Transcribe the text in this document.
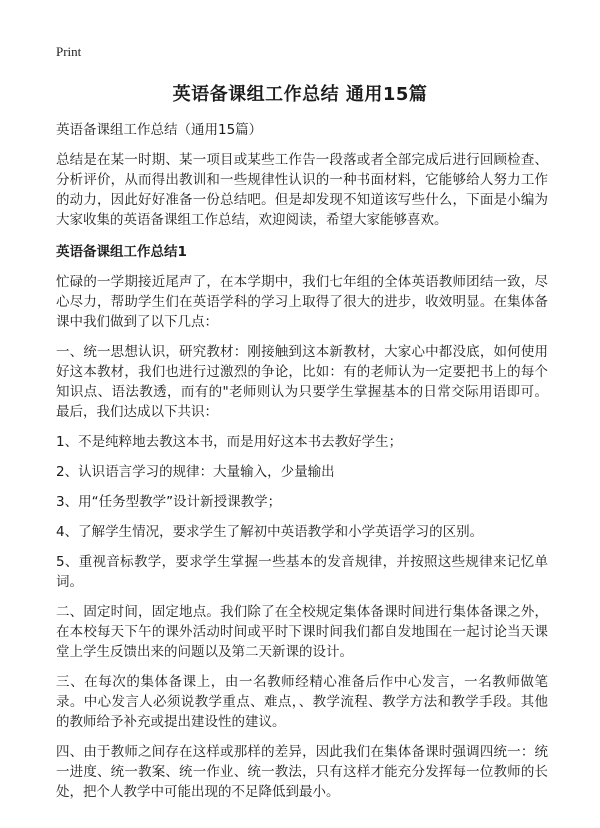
Print
英语备课组工作总结 通用15篇
英语备课组工作总结（通用15篇）

总结是在某一时期、某一项目或某些工作告一段落或者全部完成后进行回顾检查、分析评价，从而得出教训和一些规律性认识的一种书面材料，它能够给人努力工作的动力，因此好好准备一份总结吧。但是却发现不知道该写些什么，下面是小编为大家收集的英语备课组工作总结，欢迎阅读，希望大家能够喜欢。

英语备课组工作总结1

忙碌的一学期接近尾声了，在本学期中，我们七年组的全体英语教师团结一致，尽心尽力，帮助学生们在英语学科的学习上取得了很大的进步，收效明显。在集体备课中我们做到了以下几点：

一、统一思想认识，研究教材：刚接触到这本新教材，大家心中都没底，如何使用好这本教材，我们也进行过激烈的争论，比如：有的老师认为一定要把书上的每个知识点、语法教透，而有的"老师则认为只要学生掌握基本的日常交际用语即可。最后，我们达成以下共识：

1、不是纯粹地去教这本书，而是用好这本书去教好学生；

2、认识语言学习的规律：大量输入，少量输出

3、用“任务型教学”设计新授课教学；

4、了解学生情况，要求学生了解初中英语教学和小学英语学习的区别。

5、重视音标教学，要求学生掌握一些基本的发音规律，并按照这些规律来记忆单词。

二、固定时间，固定地点。我们除了在全校规定集体备课时间进行集体备课之外，在本校每天下午的课外活动时间或平时下课时间我们都自发地围在一起讨论当天课堂上学生反馈出来的问题以及第二天新课的设计。

三、在每次的集体备课上，由一名教师经精心准备后作中心发言，一名教师做笔录。中心发言人必须说教学重点、难点，、教学流程、教学方法和教学手段。其他的教师给予补充或提出建设性的建议。

四、由于教师之间存在这样或那样的差异，因此我们在集体备课时强调四统一：统一进度、统一教案、统一作业、统一教法，只有这样才能充分发挥每一位教师的长处，把个人教学中可能出现的不足降低到最小。
